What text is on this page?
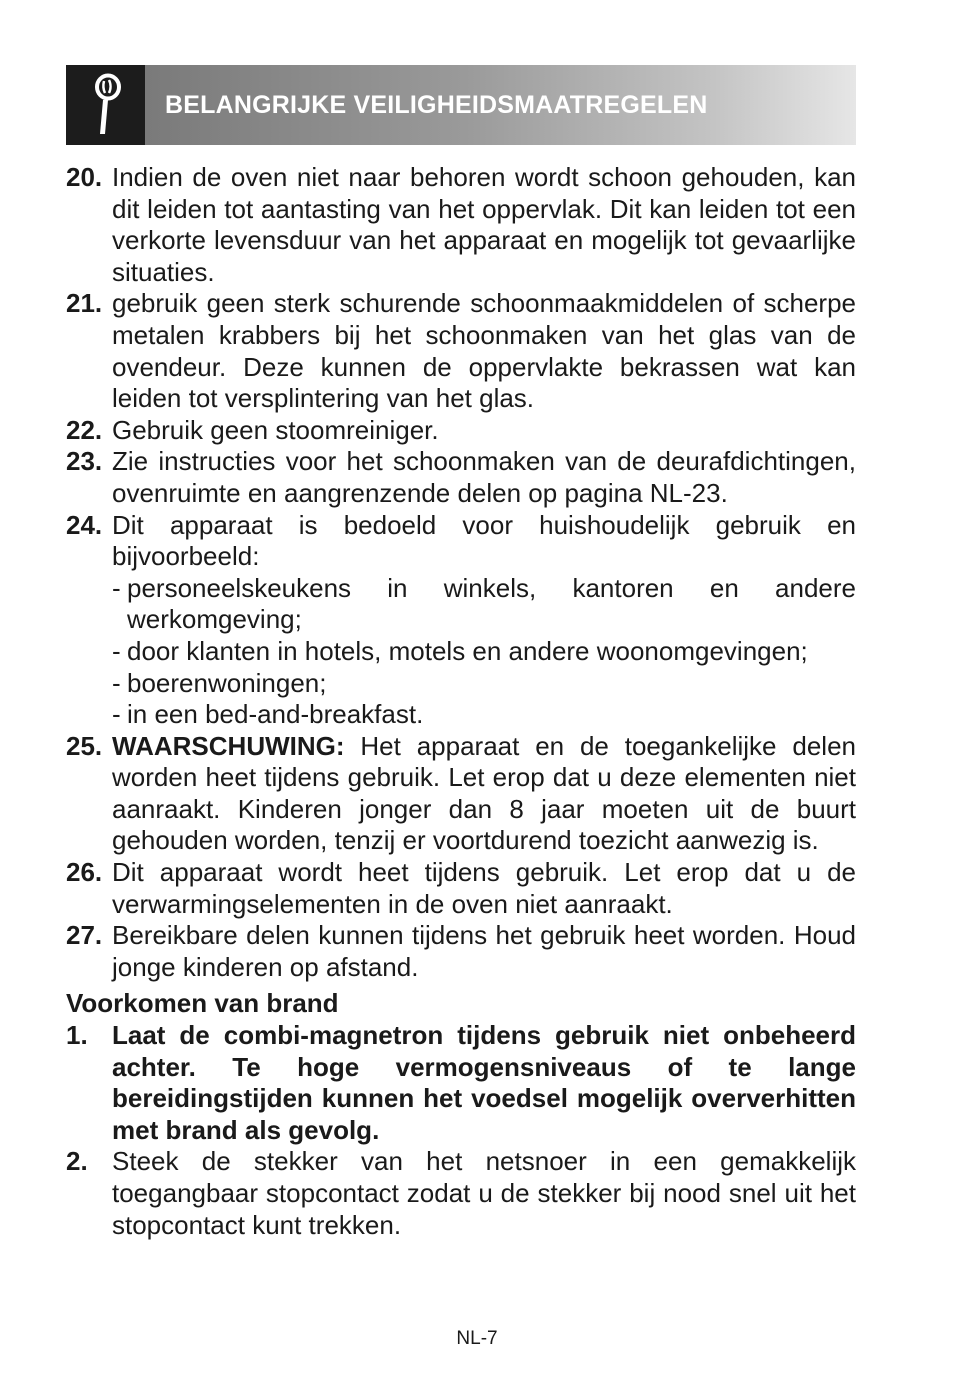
BELANGRIJKE VEILIGHEIDSMAATREGELEN
20. Indien de oven niet naar behoren wordt schoon gehouden, kan dit leiden tot aantasting van het oppervlak. Dit kan leiden tot een verkorte levensduur van het apparaat en mogelijk tot gevaarlijke situaties.
21. gebruik geen sterk schurende schoonmaakmiddelen of scherpe metalen krabbers bij het schoonmaken van het glas van de ovendeur. Deze kunnen de oppervlakte bekrassen wat kan leiden tot versplintering van het glas.
22. Gebruik geen stoomreiniger.
23. Zie instructies voor het schoonmaken van de deurafdichtingen, ovenruimte en aangrenzende delen op pagina NL-23.
24. Dit apparaat is bedoeld voor huishoudelijk gebruik en bijvoorbeeld:
- personeelskeukens in winkels, kantoren en andere werkomgeving;
- door klanten in hotels, motels en andere woonomgevingen;
- boerenwoningen;
- in een bed-and-breakfast.
25. WAARSCHUWING: Het apparaat en de toegankelijke delen worden heet tijdens gebruik. Let erop dat u deze elementen niet aanraakt. Kinderen jonger dan 8 jaar moeten uit de buurt gehouden worden, tenzij er voortdurend toezicht aanwezig is.
26. Dit apparaat wordt heet tijdens gebruik. Let erop dat u de verwarmingselementen in de oven niet aanraakt.
27. Bereikbare delen kunnen tijdens het gebruik heet worden. Houd jonge kinderen op afstand.
Voorkomen van brand
1. Laat de combi-magnetron tijdens gebruik niet onbeheerd achter. Te hoge vermogensniveaus of te lange bereidingstijden kunnen het voedsel mogelijk oververhitten met brand als gevolg.
2. Steek de stekker van het netsnoer in een gemakkelijk toegangbaar stopcontact zodat u de stekker bij nood snel uit het stopcontact kunt trekken.
NL-7
